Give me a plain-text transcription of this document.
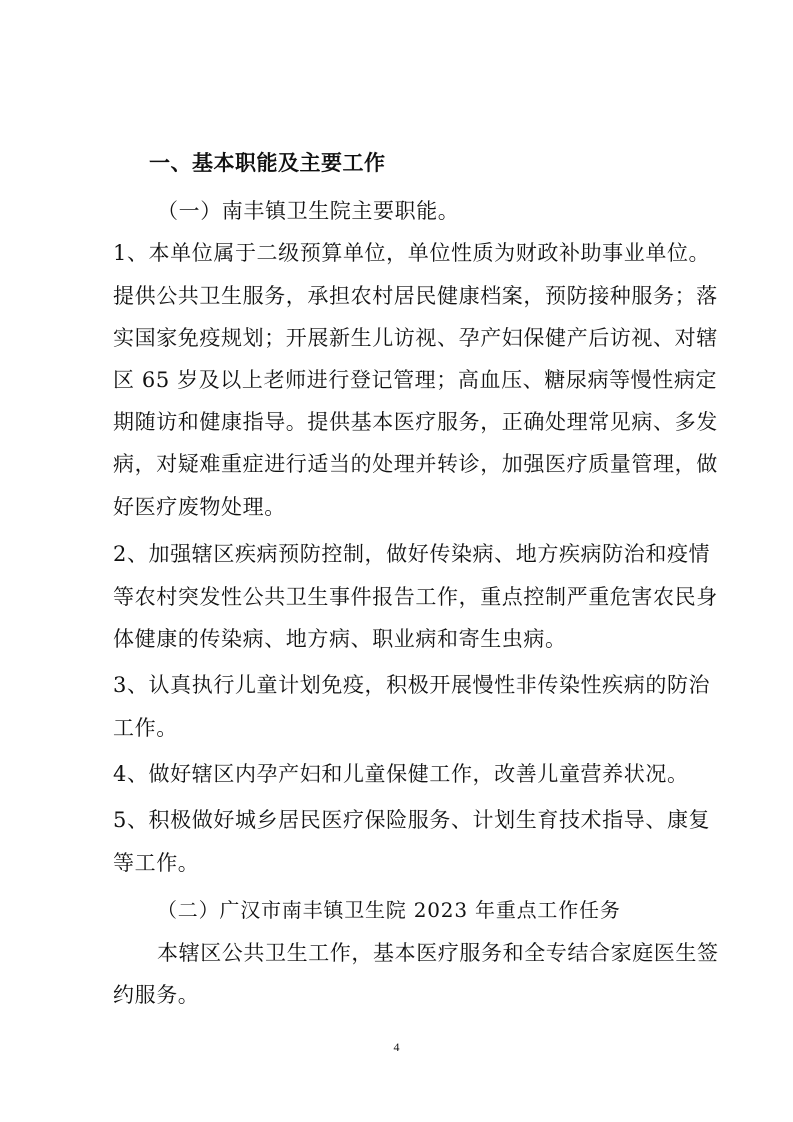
一、基本职能及主要工作
（一）南丰镇卫生院主要职能。
1、本单位属于二级预算单位，单位性质为财政补助事业单位。
提供公共卫生服务，承担农村居民健康档案，预防接种服务；落
实国家免疫规划；开展新生儿访视、孕产妇保健产后访视、对辖
区 65 岁及以上老师进行登记管理；高血压、糖尿病等慢性病定
期随访和健康指导。提供基本医疗服务，正确处理常见病、多发
病，对疑难重症进行适当的处理并转诊，加强医疗质量管理，做
好医疗废物处理。
2、加强辖区疾病预防控制，做好传染病、地方疾病防治和疫情
等农村突发性公共卫生事件报告工作，重点控制严重危害农民身
体健康的传染病、地方病、职业病和寄生虫病。
3、认真执行儿童计划免疫，积极开展慢性非传染性疾病的防治
工作。
4、做好辖区内孕产妇和儿童保健工作，改善儿童营养状况。
5、积极做好城乡居民医疗保险服务、计划生育技术指导、康复
等工作。
（二）广汉市南丰镇卫生院 2023 年重点工作任务
本辖区公共卫生工作，基本医疗服务和全专结合家庭医生签
约服务。
4
